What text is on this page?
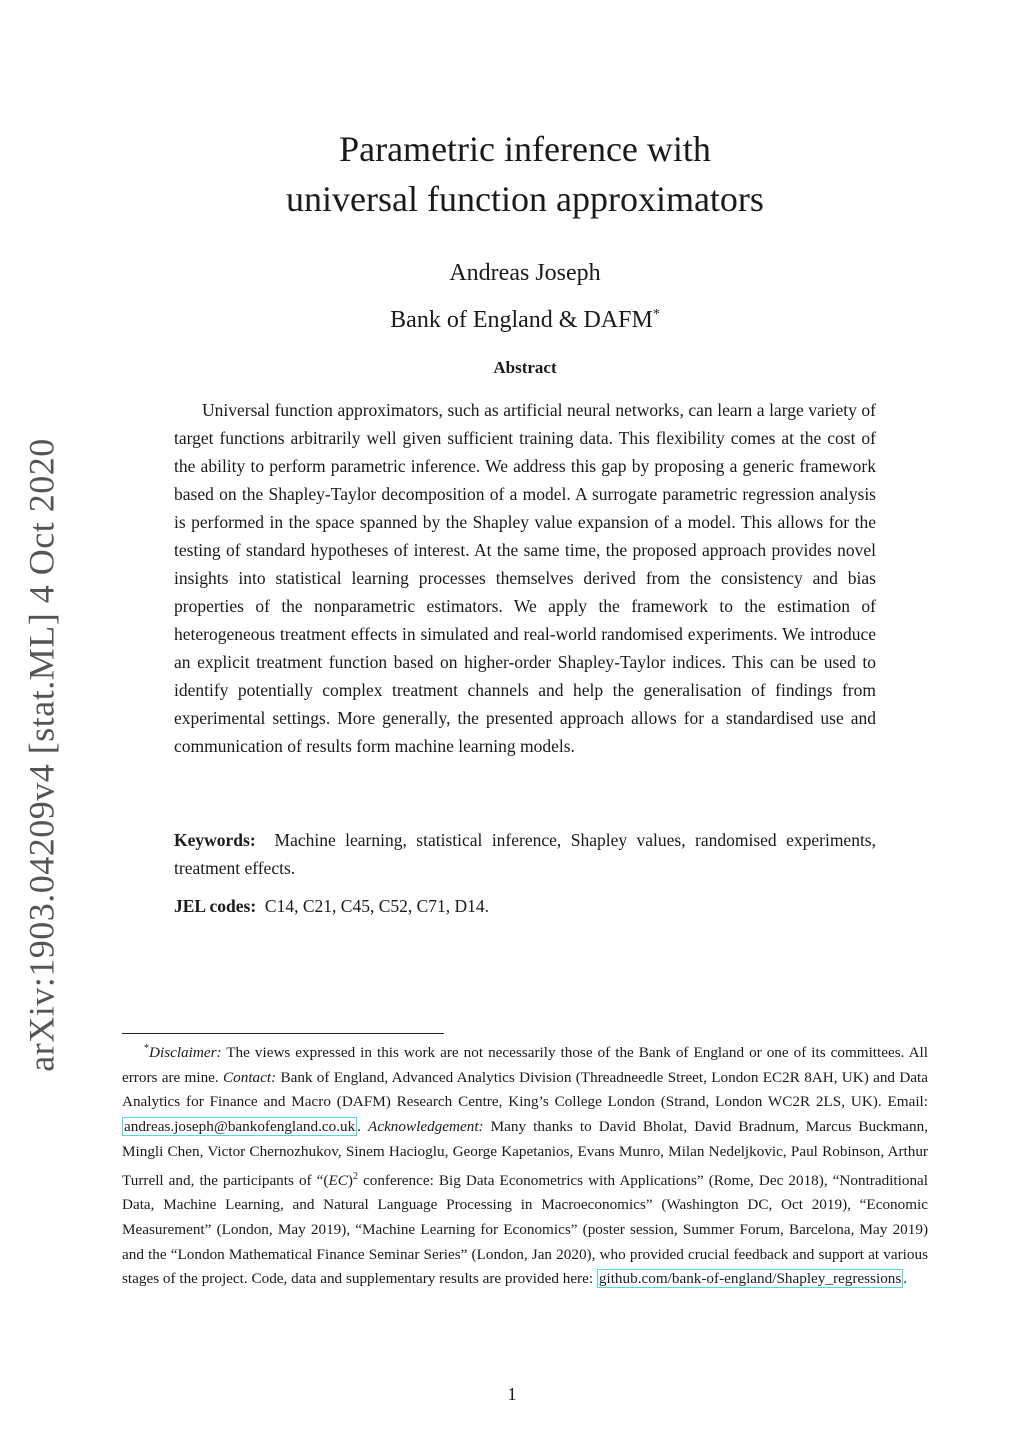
arXiv:1903.04209v4 [stat.ML] 4 Oct 2020
Parametric inference with
universal function approximators
Andreas Joseph
Bank of England & DAFM*
Abstract

Universal function approximators, such as artificial neural networks, can learn a large variety of target functions arbitrarily well given sufficient training data. This flexibility comes at the cost of the ability to perform parametric inference. We address this gap by proposing a generic framework based on the Shapley-Taylor decomposition of a model. A surrogate parametric regression analysis is performed in the space spanned by the Shapley value expansion of a model. This allows for the testing of standard hypotheses of interest. At the same time, the proposed approach provides novel insights into statistical learning processes themselves derived from the consistency and bias properties of the nonparametric estimators. We apply the framework to the estimation of heterogeneous treatment effects in simulated and real-world randomised experiments. We introduce an explicit treatment function based on higher-order Shapley-Taylor indices. This can be used to identify potentially complex treatment channels and help the generalisation of findings from experimental settings. More generally, the presented approach allows for a standardised use and communication of results form machine learning models.

Keywords: Machine learning, statistical inference, Shapley values, randomised experiments, treatment effects.

JEL codes: C14, C21, C45, C52, C71, D14.

*Disclaimer: The views expressed in this work are not necessarily those of the Bank of England or one of its committees. All errors are mine. Contact: Bank of England, Advanced Analytics Division (Threadneedle Street, London EC2R 8AH, UK) and Data Analytics for Finance and Macro (DAFM) Research Centre, King’s College London (Strand, London WC2R 2LS, UK). Email: andreas.joseph@bankofengland.co.uk . Acknowledgement: Many thanks to David Bholat, David Bradnum, Marcus Buckmann, Mingli Chen, Victor Chernozhukov, Sinem Hacioglu, George Kapetanios, Evans Munro, Milan Nedeljkovic, Paul Robinson, Arthur Turrell and, the participants of “(EC)$^2$ conference: Big Data Econometrics with Applications” (Rome, Dec 2018), “Nontraditional Data, Machine Learning, and Natural Language Processing in Macroeconomics” (Washington DC, Oct 2019), “Economic Measurement” (London, May 2019), “Machine Learning for Economics” (poster session, Summer Forum, Barcelona, May 2019) and the “London Mathematical Finance Seminar Series” (London, Jan 2020), who provided crucial feedback and support at various stages of the project. Code, data and supplementary results are provided here: github.com/bank-of-england/Shapley_regressions .

1
